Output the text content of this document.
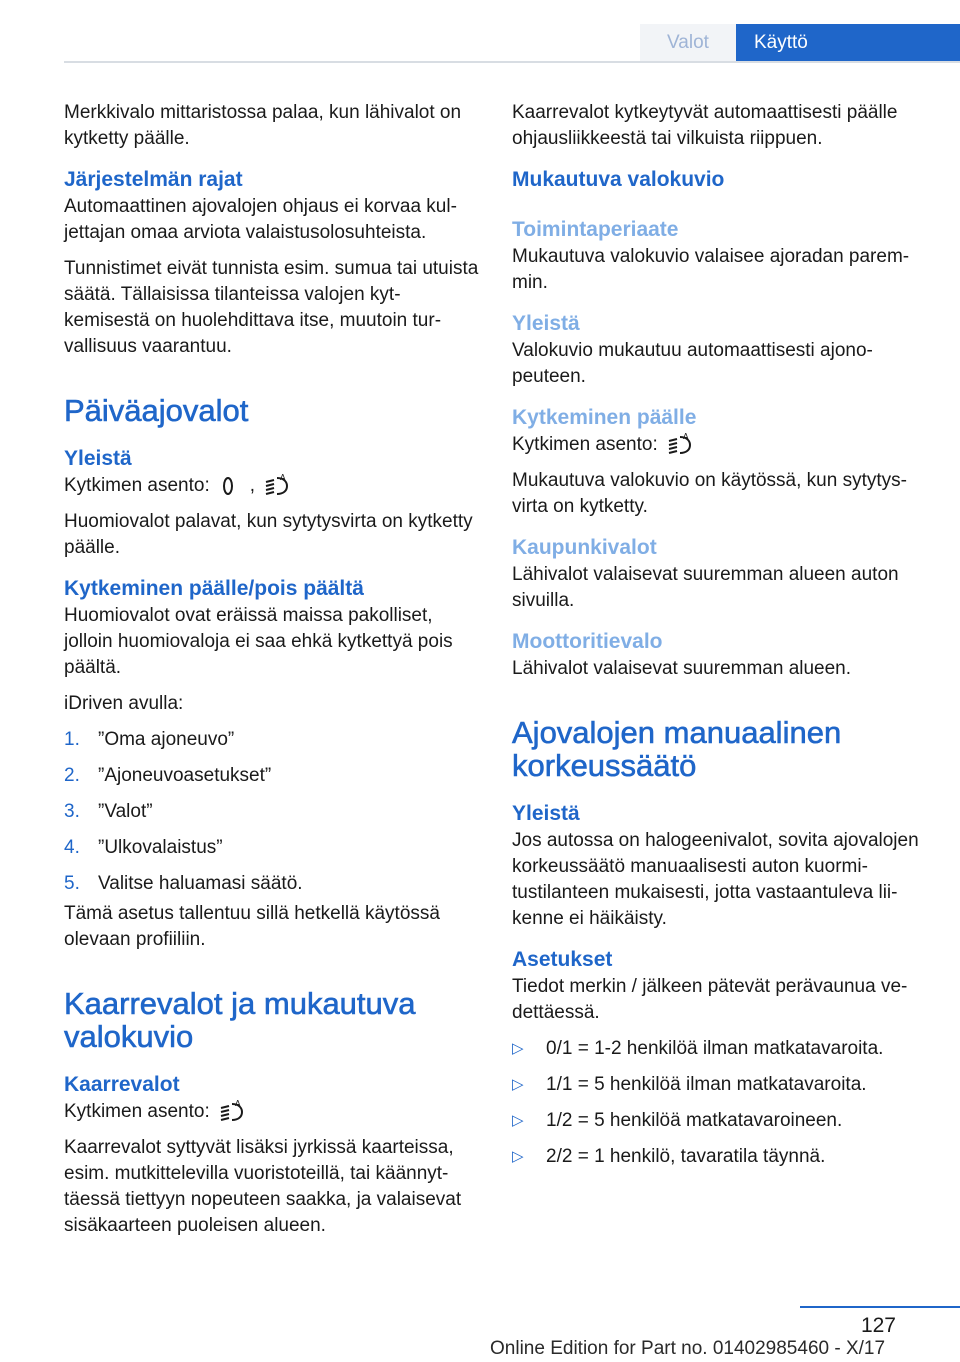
Valot Käyttö

Merkkivalo mittaristossa palaa, kun lähivalot on kytketty päälle.

Järjestelmän rajat

Automaattinen ajovalojen ohjaus ei korvaa kuljettajan omaa arviota valaistusolosuhteista.

Tunnistimet eivät tunnista esim. sumua tai utuista säätä. Tällaisissa tilanteissa valojen kytkemisestä on huolehdittava itse, muutoin turvallisuus vaarantuu.

Päiväajovalot
Yleistä

Kytkimen asento: ,	A

Huomiovalot palavat, kun sytytysvirta on kytketty päälle.

Kytkeminen päälle/pois päältä

Huomiovalot ovat eräissä maissa pakolliset, jolloin huomiovaloja ei saa ehkä kytkettyä pois päältä.

iDriven avulla:

1. ”Oma ajoneuvo”
2. ”Ajoneuvoasetukset”
3. ”Valot”
4. ”Ulkovalaistus”
5. Valitse haluamasi säätö.

Tämä asetus tallentuu sillä hetkellä käytössä olevaan profiiliin.

Kaarrevalot ja mukautuva valokuvio
Kaarrevalot

Kytkimen asento:	A

Kaarrevalot syttyvät lisäksi jyrkissä kaarteissa, esim. mutkittelevilla vuoristoteillä, tai käännyttäessä tiettyyn nopeuteen saakka, ja valaisevat sisäkaarteen puoleisen alueen.

Kaarrevalot kytkeytyvät automaattisesti päälle ohjausliikkeestä tai vilkuista riippuen.

Mukautuva valokuvio
Toimintaperiaate

Mukautuva valokuvio valaisee ajoradan paremmin.

Yleistä

Valokuvio mukautuu automaattisesti ajonopeuteen.

Kytkeminen päälle

Kytkimen asento:	A

Mukautuva valokuvio on käytössä, kun sytytysvirta on kytketty.

Kaupunkivalot

Lähivalot valaisevat suuremman alueen auton sivuilla.

Moottoritievalo

Lähivalot valaisevat suuremman alueen.

Ajovalojen manuaalinen korkeussäätö
Yleistä

Jos autossa on halogeenivalot, sovita ajovalojen korkeussäätö manuaalisesti auton kuormitustilanteen mukaisesti, jotta vastaantuleva liikenne ei häikäisty.

Asetukset

Tiedot merkin / jälkeen pätevät perävaunua vedettäessä.

▷	0/1 = 1-2 henkilöä ilman matkatavaroita.
▷	1/1 = 5 henkilöä ilman matkatavaroita.
▷	1/2 = 5 henkilöä matkatavaroineen.
▷	2/2 = 1 henkilö, tavaratila täynnä.
127
Online Edition for Part no. 01402985460 - X/17
